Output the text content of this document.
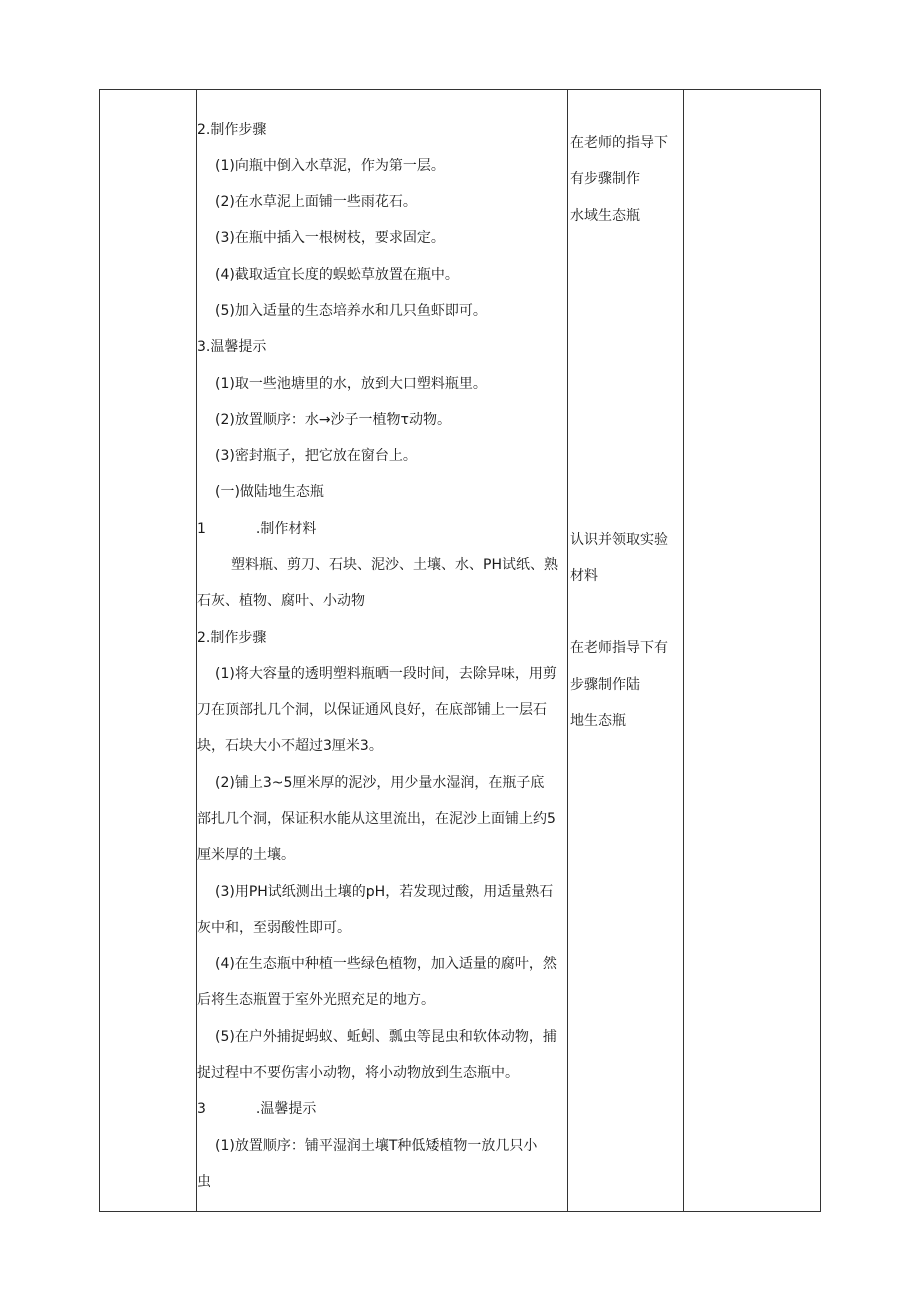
2.制作步骤
(1)向瓶中倒入水草泥，作为第一层。
(2)在水草泥上面铺一些雨花石。
(3)在瓶中插入一根树枝，要求固定。
(4)截取适宜长度的蜈蚣草放置在瓶中。
(5)加入适量的生态培养水和几只鱼虾即可。
3.温馨提示
(1)取一些池塘里的水，放到大口塑料瓶里。
(2)放置顺序：水→沙子一植物τ动物。
(3)密封瓶子，把它放在窗台上。
(一)做陆地生态瓶
1	.制作材料
塑料瓶、剪刀、石块、泥沙、土壤、水、PH试纸、熟
石灰、植物、腐叶、小动物
2.制作步骤
(1)将大容量的透明塑料瓶晒一段时间，去除异味，用剪
刀在顶部扎几个洞，以保证通风良好，在底部铺上一层石
块，石块大小不超过3厘米3。
(2)铺上3~5厘米厚的泥沙，用少量水湿润，在瓶子底
部扎几个洞，保证积水能从这里流出，在泥沙上面铺上约5
厘米厚的土壤。
(3)用PH试纸测出土壤的pH，若发现过酸，用适量熟石
灰中和，至弱酸性即可。
(4)在生态瓶中种植一些绿色植物，加入适量的腐叶，然
后将生态瓶置于室外光照充足的地方。
(5)在户外捕捉蚂蚁、蚯蚓、瓢虫等昆虫和软体动物，捕
捉过程中不要伤害小动物，将小动物放到生态瓶中。
3	.温馨提示
(1)放置顺序：铺平湿润土壤T种低矮植物一放几只小
虫
在老师的指导下
有步骤制作
水域生态瓶
认识并领取实验
材料
在老师指导下有
步骤制作陆
地生态瓶
